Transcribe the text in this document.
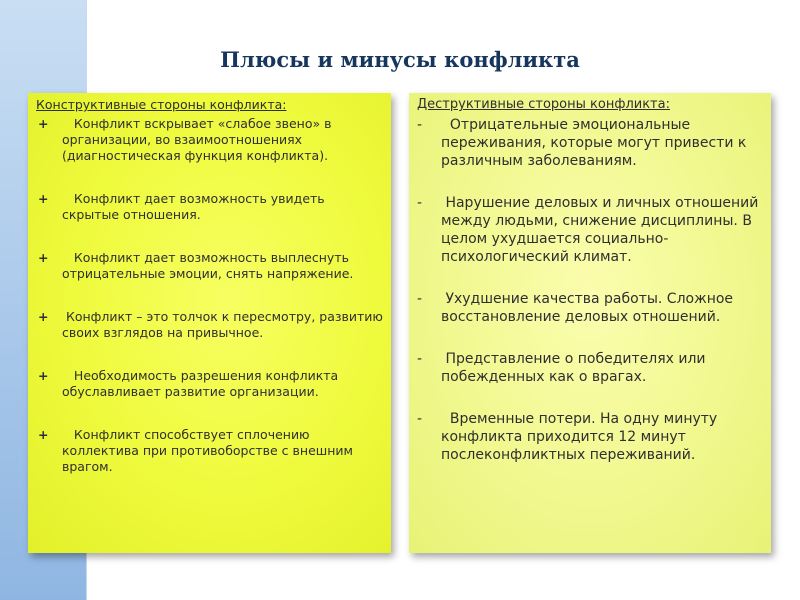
Плюсы и минусы конфликта
Конструктивные стороны конфликта:
+	Конфликт вскрывает «слабое звено» в организации, во взаимоотношениях (диагностическая функция конфликта).
+	Конфликт дает возможность увидеть скрытые отношения.
+	Конфликт дает возможность выплеснуть отрицательные эмоции, снять напряжение.
+	Конфликт – это толчок к пересмотру, развитию своих взглядов на привычное.
+	Необходимость разрешения конфликта обуславливает развитие организации.
+	Конфликт способствует сплочению коллектива при противоборстве с внешним врагом.
Деструктивные стороны конфликта:
-	Отрицательные эмоциональные переживания, которые могут привести к различным заболеваниям.
-	Нарушение деловых и личных отношений между людьми, снижение дисциплины. В целом ухудшается социально-психологический климат.
-	Ухудшение качества работы. Сложное восстановление деловых отношений.
-	Представление о победителях или побежденных как о врагах.
-	Временные потери. На одну минуту конфликта приходится 12 минут послеконфликтных переживаний.
